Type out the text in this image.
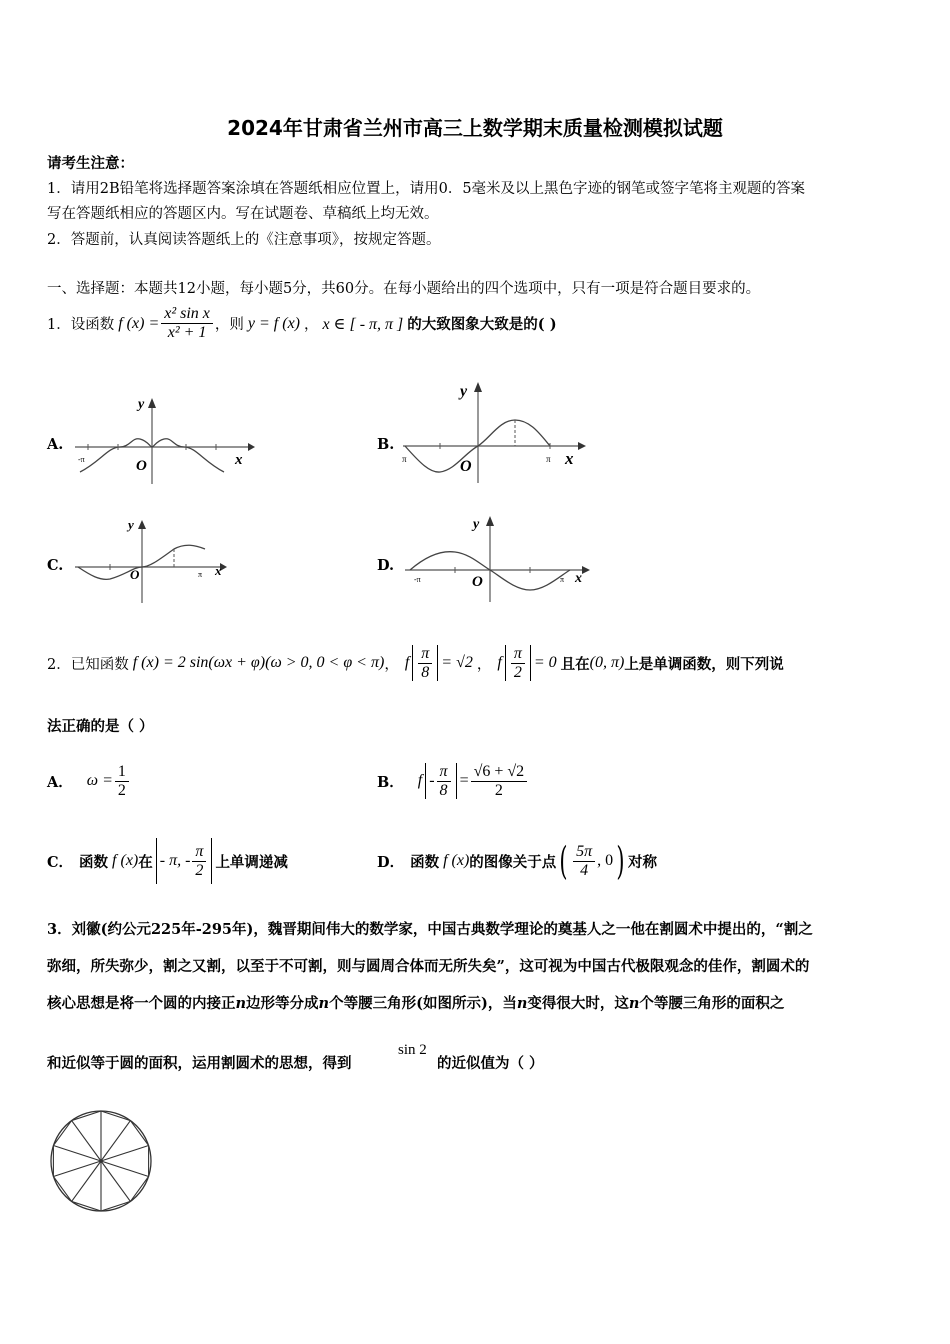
2024年甘肃省兰州市高三上数学期末质量检测模拟试题
请考生注意：
1．请用2B铅笔将选择题答案涂填在答题纸相应位置上，请用0．5毫米及以上黑色字迹的钢笔或签字笔将主观题的答案
写在答题纸相应的答题区内。写在试题卷、草稿纸上均无效。
2．答题前，认真阅读答题纸上的《注意事项》，按规定答题。
一、选择题：本题共12小题，每小题5分，共60分。在每小题给出的四个选项中，只有一项是符合题目要求的。
1．设函数 f $(x) = \frac{\text{x² sin x}}{\text{x² + 1}}$ ，则 y = f (x) ， x ∈ [ - π, π ] 的大致图象大致是的( )
A.	B.
C.	D.
y
x
O
-π
y
x
O
π	π
y
x
O	π
y
x
O
-π	π
2．已知函数 f (x) = 2 sin(ωx + φ)(ω > 0, 0 < φ < π) ， f $\frac{\pi}{8} = √2$ ， f $\frac{\pi}{2} = 0$ 且在 (0, π) 上是单调函数，则下列说
法正确的是（ ）
A． $\omega = \frac{1}{2}$	B． $f - \frac{\pi}{8} = \frac{√6 + √2}{2}$
C． 函数 f (x) 在 - π, - $\frac{\pi}{2}$ 上单调递减	D． 函数 f (x) 的图像关于点 ( $\frac{5\pi}{4}$ , 0 ) 对称
3．刘徽(约公元225年-295年)，魏晋期间伟大的数学家，中国古典数学理论的奠基人之一他在割圆术中提出的，“割之
弥细，所失弥少，割之又割，以至于不可割，则与圆周合体而无所失矣”，这可视为中国古代极限观念的佳作，割圆术的
核心思想是将一个圆的内接正n边形等分成n个等腰三角形(如图所示)，当n变得很大时，这n个等腰三角形的面积之
和近似等于圆的面积，运用割圆术的思想，得到
sin 2
的近似值为（ ）
